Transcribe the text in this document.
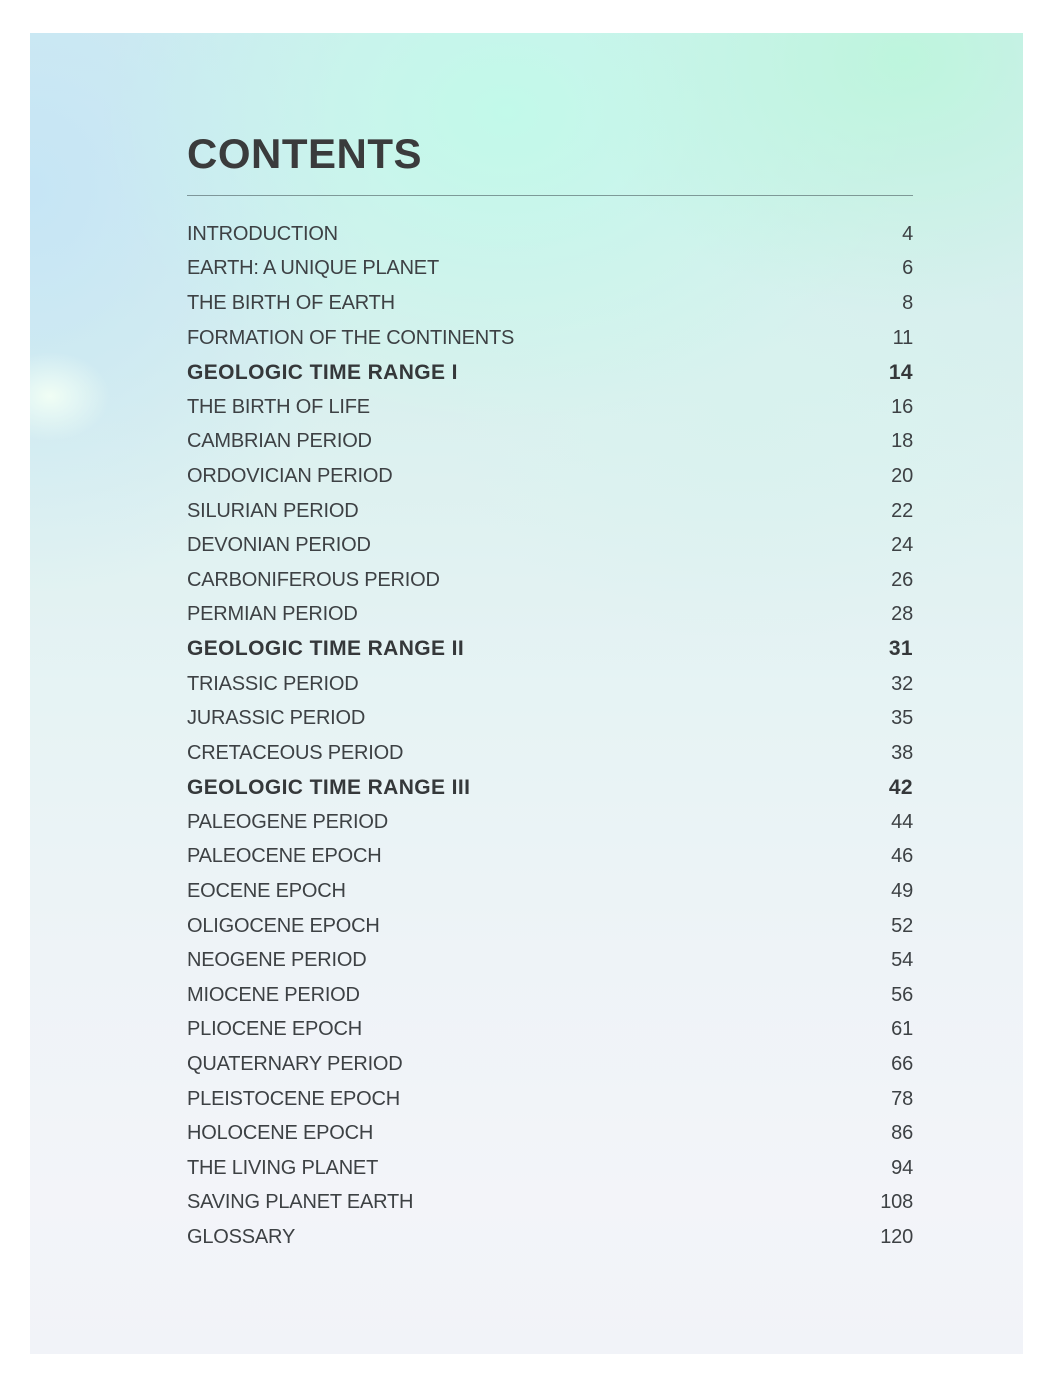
CONTENTS
INTRODUCTION	4
EARTH: A UNIQUE PLANET	6
THE BIRTH OF EARTH	8
FORMATION OF THE CONTINENTS	11
GEOLOGIC TIME RANGE I	14
THE BIRTH OF LIFE	16
CAMBRIAN PERIOD	18
ORDOVICIAN PERIOD	20
SILURIAN PERIOD	22
DEVONIAN PERIOD	24
CARBONIFEROUS PERIOD	26
PERMIAN PERIOD	28
GEOLOGIC TIME RANGE II	31
TRIASSIC PERIOD	32
JURASSIC PERIOD	35
CRETACEOUS PERIOD	38
GEOLOGIC TIME RANGE III	42
PALEOGENE PERIOD	44
PALEOCENE EPOCH	46
EOCENE EPOCH	49
OLIGOCENE EPOCH	52
NEOGENE PERIOD	54
MIOCENE PERIOD	56
PLIOCENE EPOCH	61
QUATERNARY PERIOD	66
PLEISTOCENE EPOCH	78
HOLOCENE EPOCH	86
THE LIVING PLANET	94
SAVING PLANET EARTH	108
GLOSSARY	120
